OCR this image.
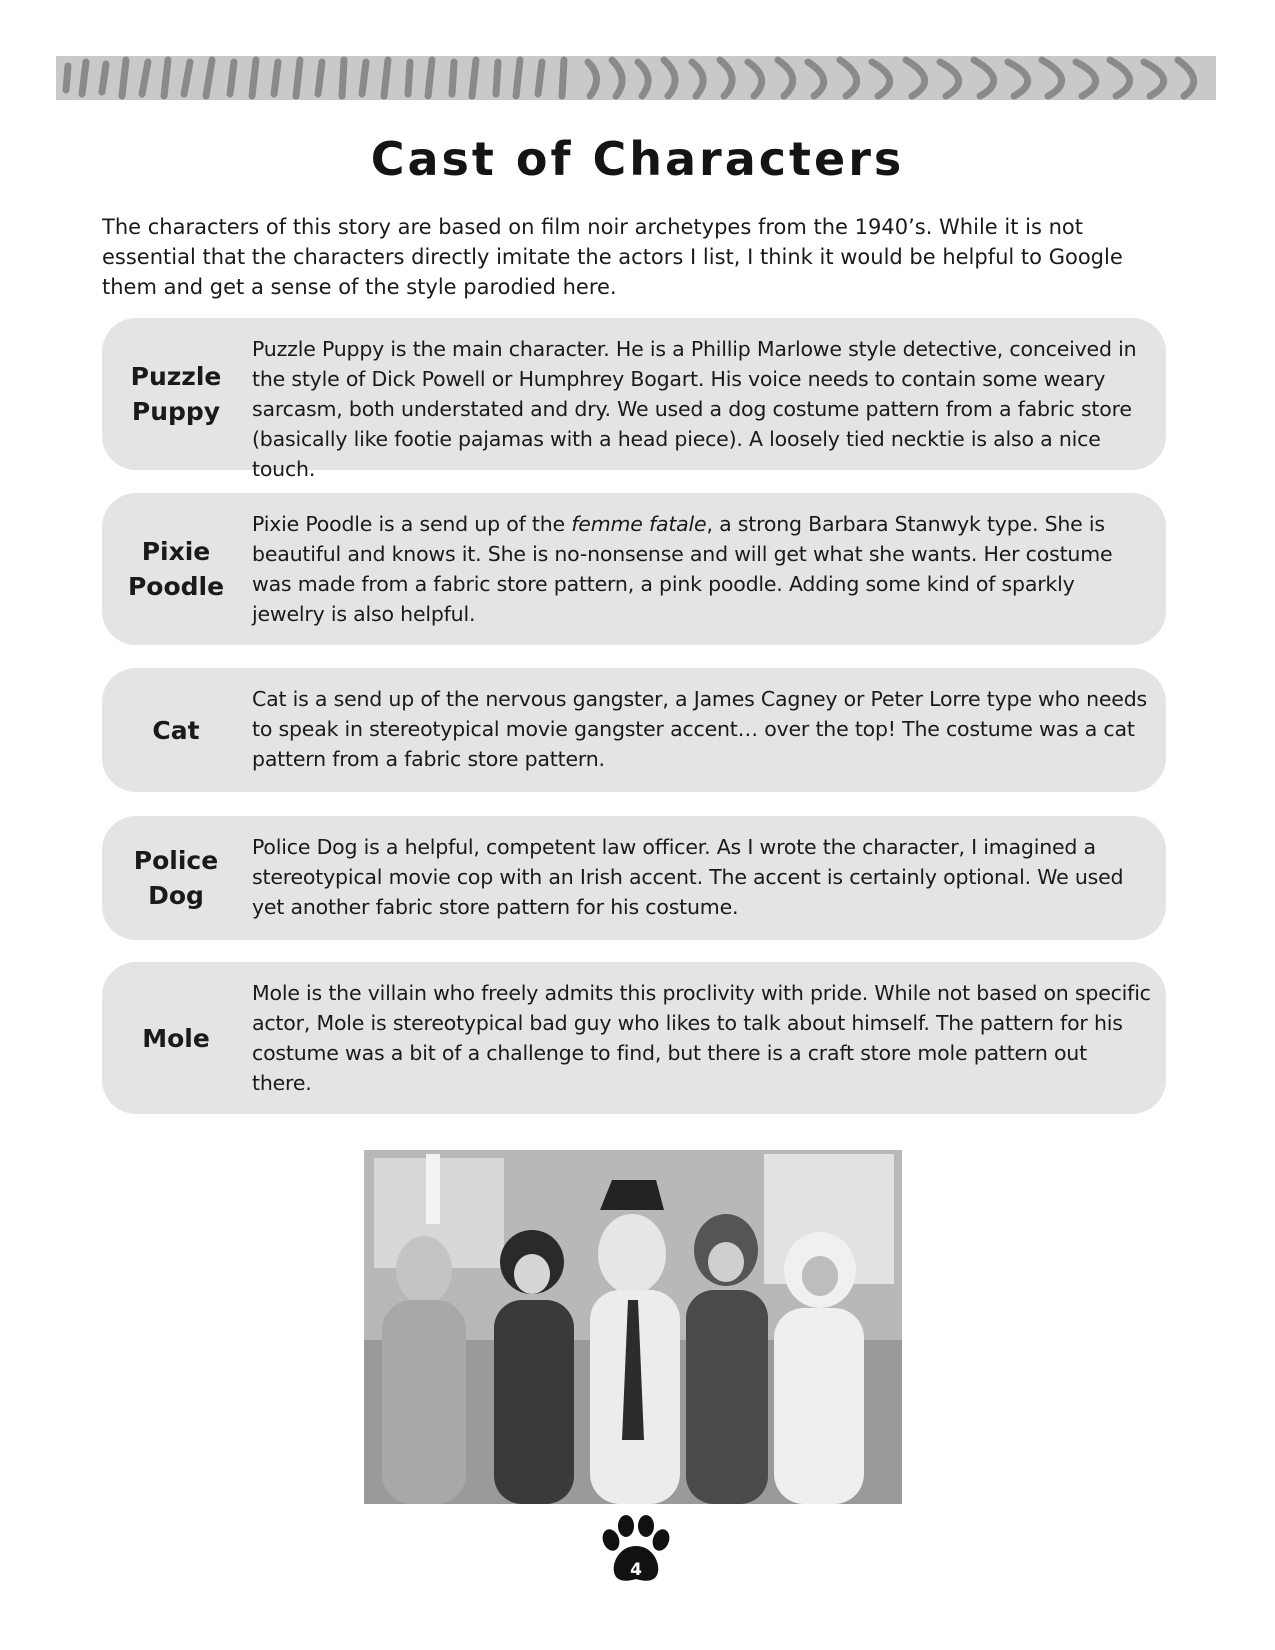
Cast of Characters

The characters of this story are based on film noir archetypes from the 1940’s. While it is not essential that the characters directly imitate the actors I list, I think it would be helpful to Google them and get a sense of the style parodied here.

Puzzle
Puppy

Puzzle Puppy is the main character. He is a Phillip Marlowe style detective, conceived in the style of Dick Powell or Humphrey Bogart. His voice needs to contain some weary sarcasm, both understated and dry. We used a dog costume pattern from a fabric store (basically like footie pajamas with a head piece). A loosely tied necktie is also a nice touch.

Pixie
Poodle

Pixie Poodle is a send up of the femme fatale, a strong Barbara Stanwyk type. She is beautiful and knows it. She is no-nonsense and will get what she wants. Her costume was made from a fabric store pattern, a pink poodle. Adding some kind of sparkly jewelry is also helpful.

Cat

Cat is a send up of the nervous gangster, a James Cagney or Peter Lorre type who needs to speak in stereotypical movie gangster accent… over the top! The costume was a cat pattern from a fabric store pattern.

Police
Dog

Police Dog is a helpful, competent law officer. As I wrote the character, I imagined a stereotypical movie cop with an Irish accent. The accent is certainly optional. We used yet another fabric store pattern for his costume.

Mole

Mole is the villain who freely admits this proclivity with pride. While not based on specific actor, Mole is stereotypical bad guy who likes to talk about himself. The pattern for his costume was a bit of a challenge to find, but there is a craft store mole pattern out there.

4
